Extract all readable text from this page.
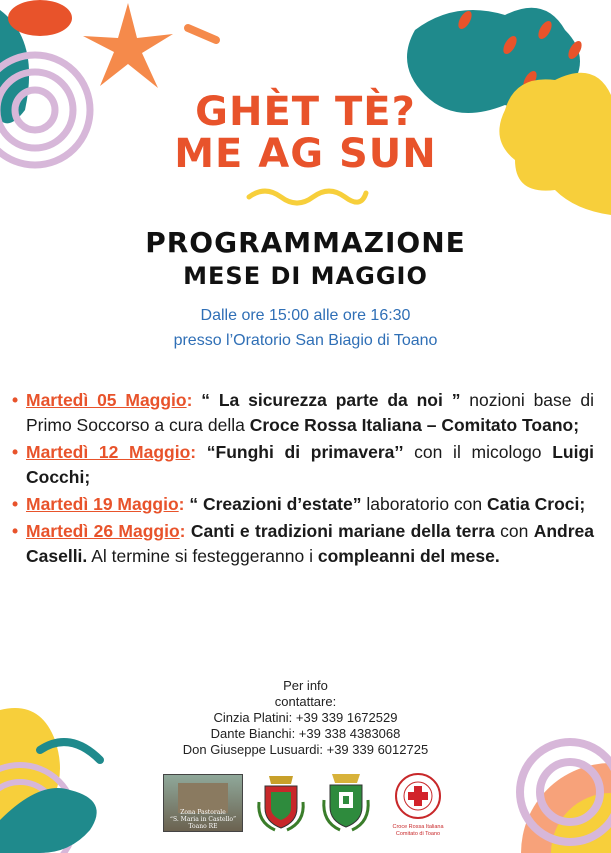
GHÈT TÈ?
ME AG SUN
PROGRAMMAZIONE
MESE DI MAGGIO
Dalle ore 15:00 alle ore 16:30
presso l’Oratorio San Biagio di Toano
• Martedì 05 Maggio: “ La sicurezza parte da noi ” nozioni base di Primo Soccorso a cura della Croce Rossa Italiana – Comitato Toano;
• Martedì 12 Maggio: “Funghi di primavera’’ con il micologo Luigi Cocchi;
• Martedì 19 Maggio: “ Creazioni d’estate” laboratorio con Catia Croci;
• Martedì 26 Maggio: Canti e tradizioni mariane della terra con Andrea Caselli. Al termine si festeggeranno i compleanni del mese.
Per info
contattare:
Cinzia Platini: +39 339 1672529
Dante Bianchi: +39 338 4383068
Don Giuseppe Lusuardi: +39 339 6012725
Zona Pastorale
“S. Maria in Castello”
Toano RE	Croce Rossa Italiana
Comitato di Toano
